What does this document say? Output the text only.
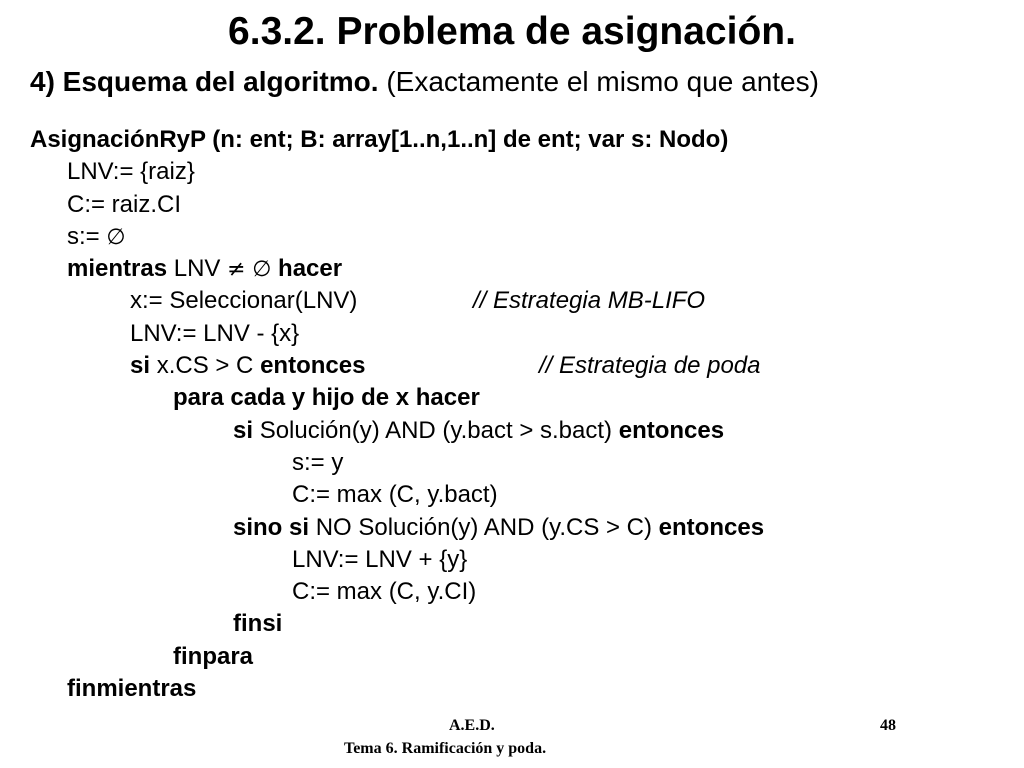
6.3.2. Problema de asignación.
4) Esquema del algoritmo. (Exactamente el mismo que antes)
AsignaciónRyP (n: ent; B: array[1..n,1..n] de ent; var s: Nodo)
LNV:= {raiz}
C:= raiz.CI
s:= ∅
mientras LNV ≠ ∅ hacer
x:= Seleccionar(LNV)	// Estrategia MB-LIFO
LNV:= LNV - {x}
si x.CS > C entonces	// Estrategia de poda
para cada y hijo de x hacer
si Solución(y) AND (y.bact > s.bact) entonces
s:= y
C:= max (C, y.bact)
sino si NO Solución(y) AND (y.CS > C) entonces
LNV:= LNV + {y}
C:= max (C, y.CI)
finsi
finpara
finmientras
A.E.D.	48
Tema 6. Ramificación y poda.
